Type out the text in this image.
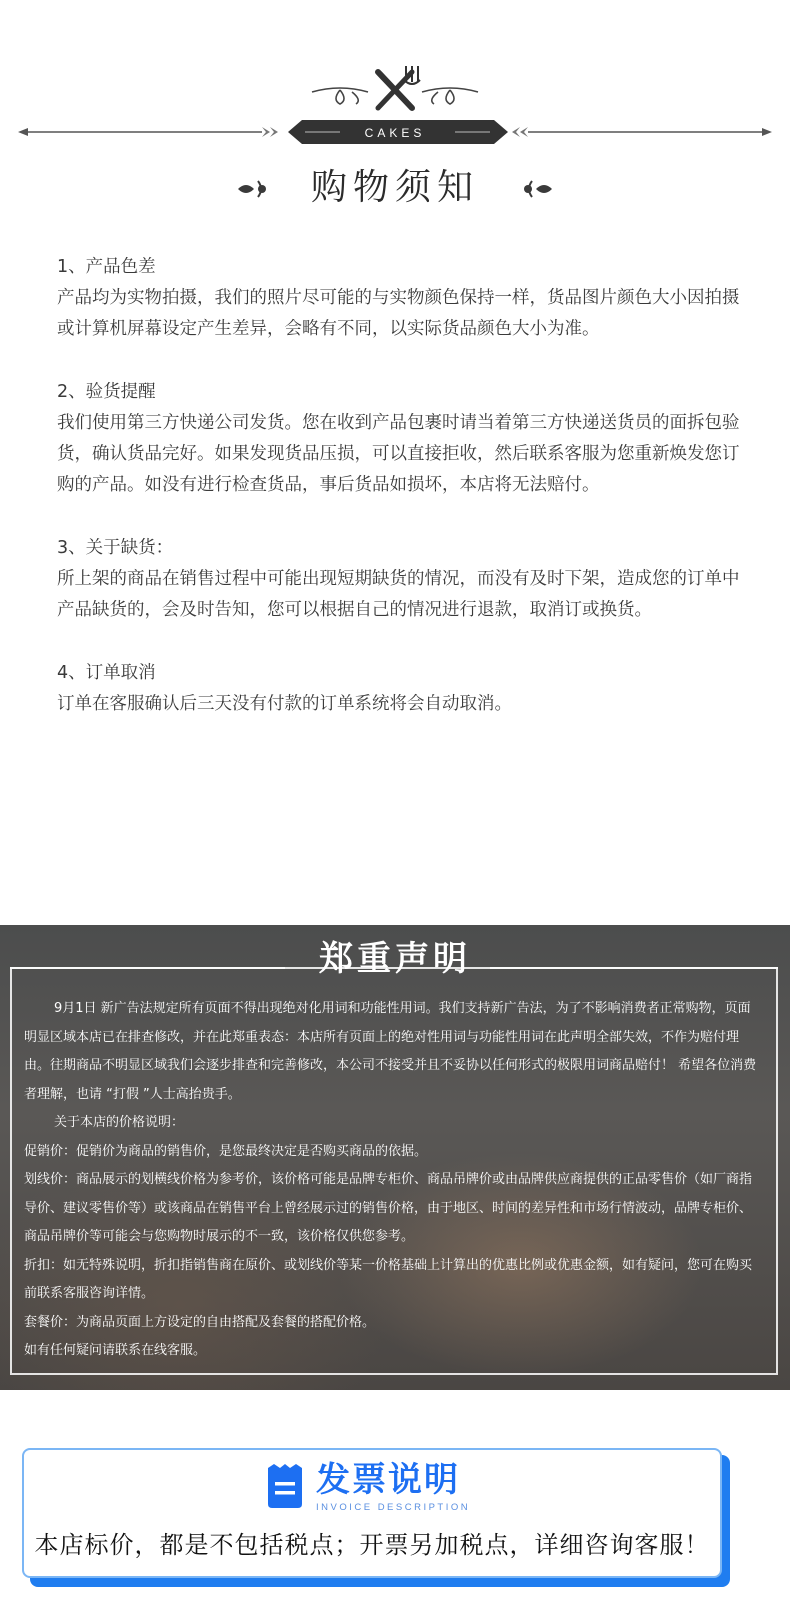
CAKES
购物须知

1、产品色差

产品均为实物拍摄，我们的照片尽可能的与实物颜色保持一样，货品图片颜色大小因拍摄或计算机屏幕设定产生差异，会略有不同，以实际货品颜色大小为准。

2、验货提醒

我们使用第三方快递公司发货。您在收到产品包裹时请当着第三方快递送货员的面拆包验货，确认货品完好。如果发现货品压损，可以直接拒收，然后联系客服为您重新焕发您订购的产品。如没有进行检查货品，事后货品如损坏，本店将无法赔付。

3、关于缺货：

所上架的商品在销售过程中可能出现短期缺货的情况，而没有及时下架，造成您的订单中产品缺货的，会及时告知，您可以根据自己的情况进行退款，取消订或换货。

4、订单取消

订单在客服确认后三天没有付款的订单系统将会自动取消。

郑重声明

9月1日 新广告法规定所有页面不得出现绝对化用词和功能性用词。我们支持新广告法，为了不影响消费者正常购物，页面明显区域本店已在排查修改，并在此郑重表态：本店所有页面上的绝对性用词与功能性用词在此声明全部失效，不作为赔付理由。往期商品不明显区域我们会逐步排查和完善修改，本公司不接受并且不妥协以任何形式的极限用词商品赔付！ 希望各位消费者理解，也请 “打假 ”人士高抬贵手。

关于本店的价格说明：

促销价：促销价为商品的销售价，是您最终决定是否购买商品的依据。

划线价：商品展示的划横线价格为参考价，该价格可能是品牌专柜价、商品吊牌价或由品牌供应商提供的正品零售价（如厂商指导价、建议零售价等）或该商品在销售平台上曾经展示过的销售价格，由于地区、时间的差异性和市场行情波动，品牌专柜价、商品吊牌价等可能会与您购物时展示的不一致，该价格仅供您参考。

折扣：如无特殊说明，折扣指销售商在原价、或划线价等某一价格基础上计算出的优惠比例或优惠金额，如有疑问，您可在购买前联系客服咨询详情。

套餐价：为商品页面上方设定的自由搭配及套餐的搭配价格。

如有任何疑问请联系在线客服。

发票说明
INVOICE DESCRIPTION
本店标价，都是不包括税点；开票另加税点，详细咨询客服！
